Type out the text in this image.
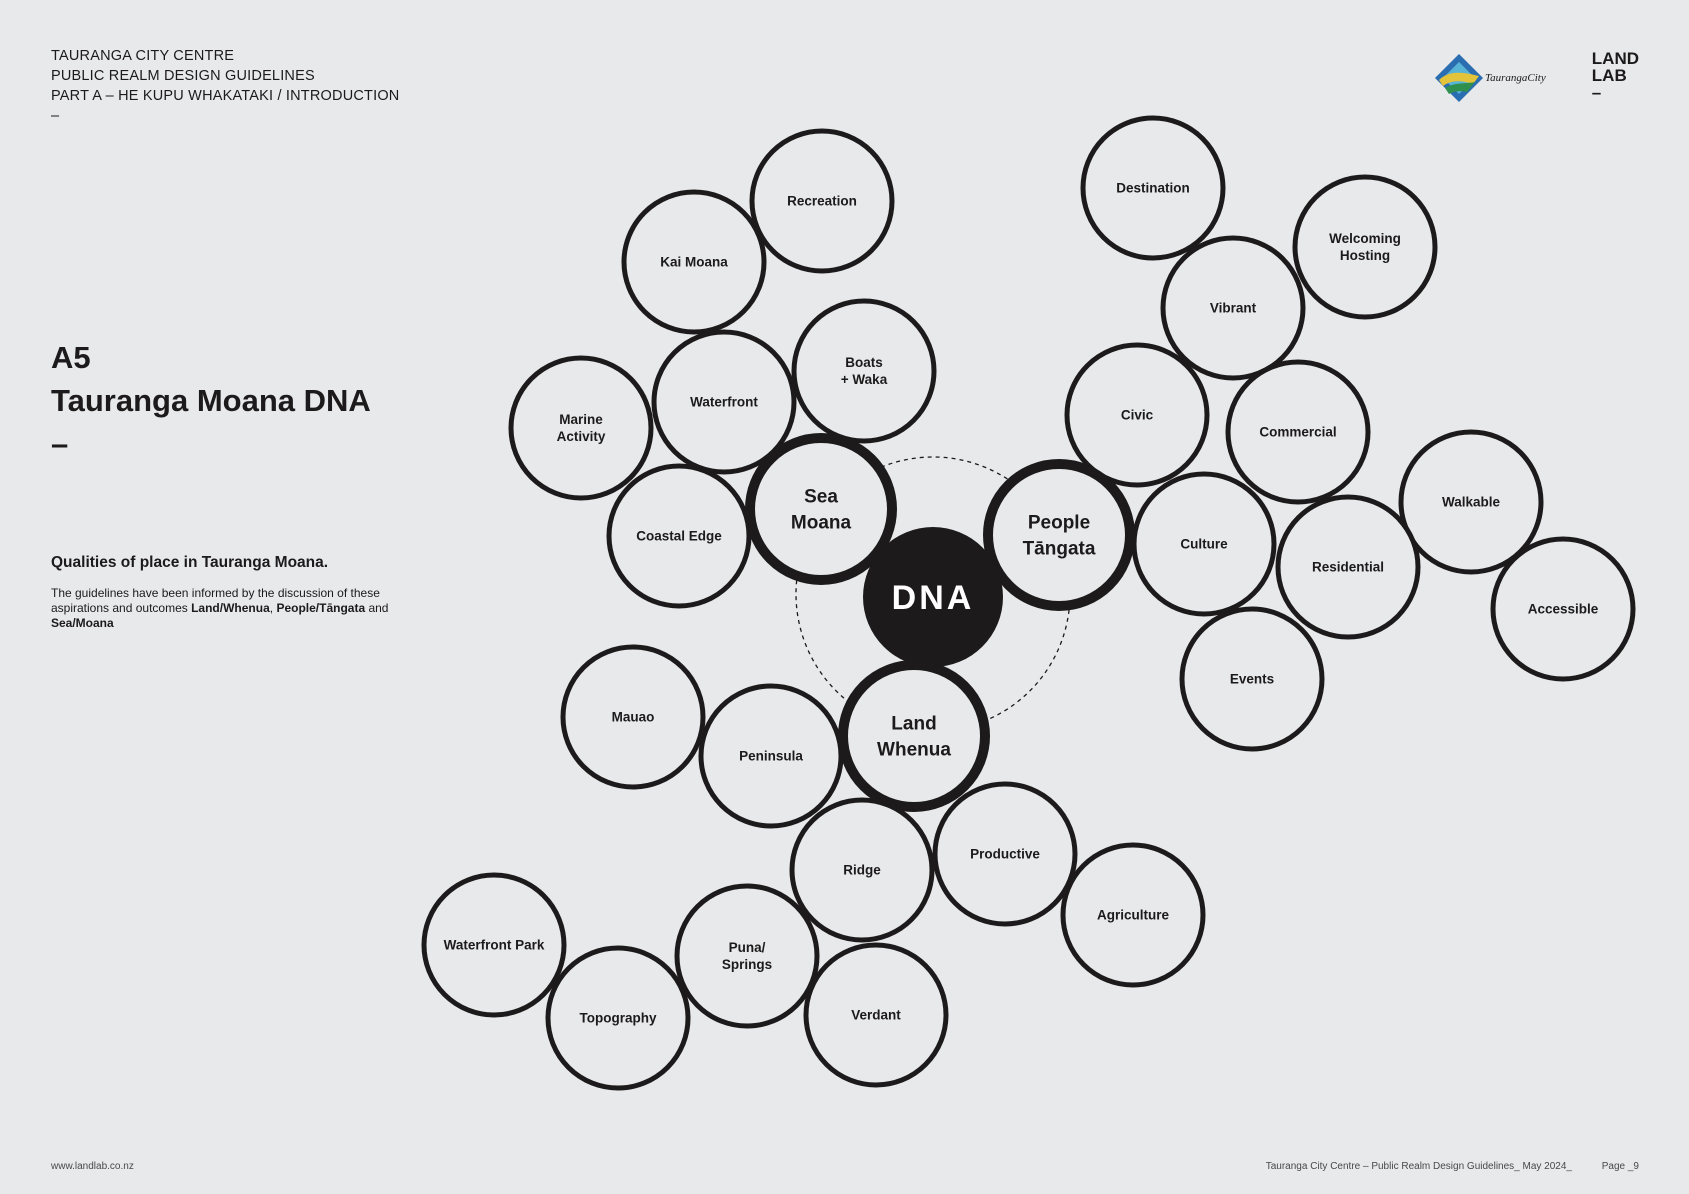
TAURANGA CITY CENTRE
PUBLIC REALM DESIGN GUIDELINES
PART A – HE KUPU WHAKATAKI / INTRODUCTION
–
A5
Tauranga Moana DNA
–
Qualities of place in Tauranga Moana.
The guidelines have been informed by the discussion of these aspirations and outcomes Land/Whenua, People/Tāngata and Sea/Moana
TaurangaCity
LAND
LAB
–
Recreation
Kai Moana
Boats + Waka
Waterfront
Marine Activity
Coastal Edge
Destination
Welcoming Hosting
Vibrant
Civic
Commercial
Walkable
Culture
Residential
Accessible
Events
Mauao
Peninsula
Ridge
Productive
Agriculture
Waterfront Park	Puna/ Springs
Topography	Verdant
Sea Moana	People Tāngata
Land Whenua
DNA
www.landlab.co.nz	Tauranga City Centre – Public Realm Design Guidelines_ May 2024_	Page _9
